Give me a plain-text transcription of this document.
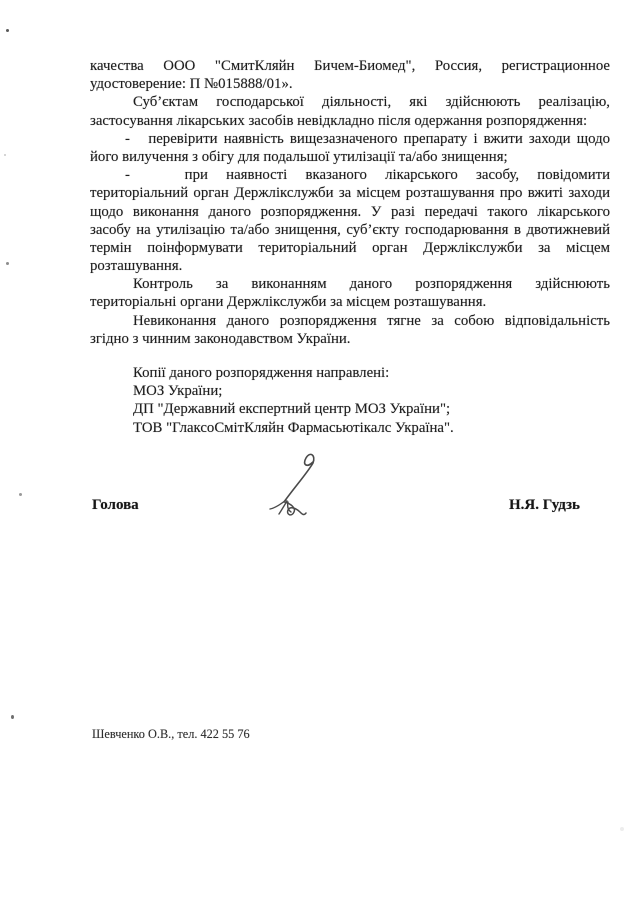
качества ООО "СмитКляйн Бичем-Биомед", Россия, регистрационное
удостоверение: П №015888/01».
Суб’єктам господарської діяльності, які здійснюють реалізацію,
застосування лікарських засобів невідкладно після одержання розпорядження:
-   перевірити наявність вищезазначеного препарату і вжити заходи щодо
його вилучення з обігу для подальшої утилізації та/або знищення;
-   при наявності вказаного лікарського засобу, повідомити
територіальний орган Держлікслужби за місцем розташування про вжиті заходи
щодо виконання даного розпорядження. У разі передачі такого лікарського
засобу на утилізацію та/або знищення, суб’єкту господарювання в двотижневий
термін поінформувати територіальний орган Держлікслужби за місцем
розташування.
Контроль за виконанням даного розпорядження здійснюють
територіальні органи Держлікслужби за місцем розташування.
Невиконання даного розпорядження тягне за собою відповідальність
згідно з чинним законодавством України.
Копії даного розпорядження направлені:
МОЗ України;
ДП "Державний експертний центр МОЗ України";
ТОВ "ГлаксоСмітКляйн Фармасьютікалс Україна".
Голова	Н.Я. Гудзь
Шевченко О.В., тел. 422 55 76
